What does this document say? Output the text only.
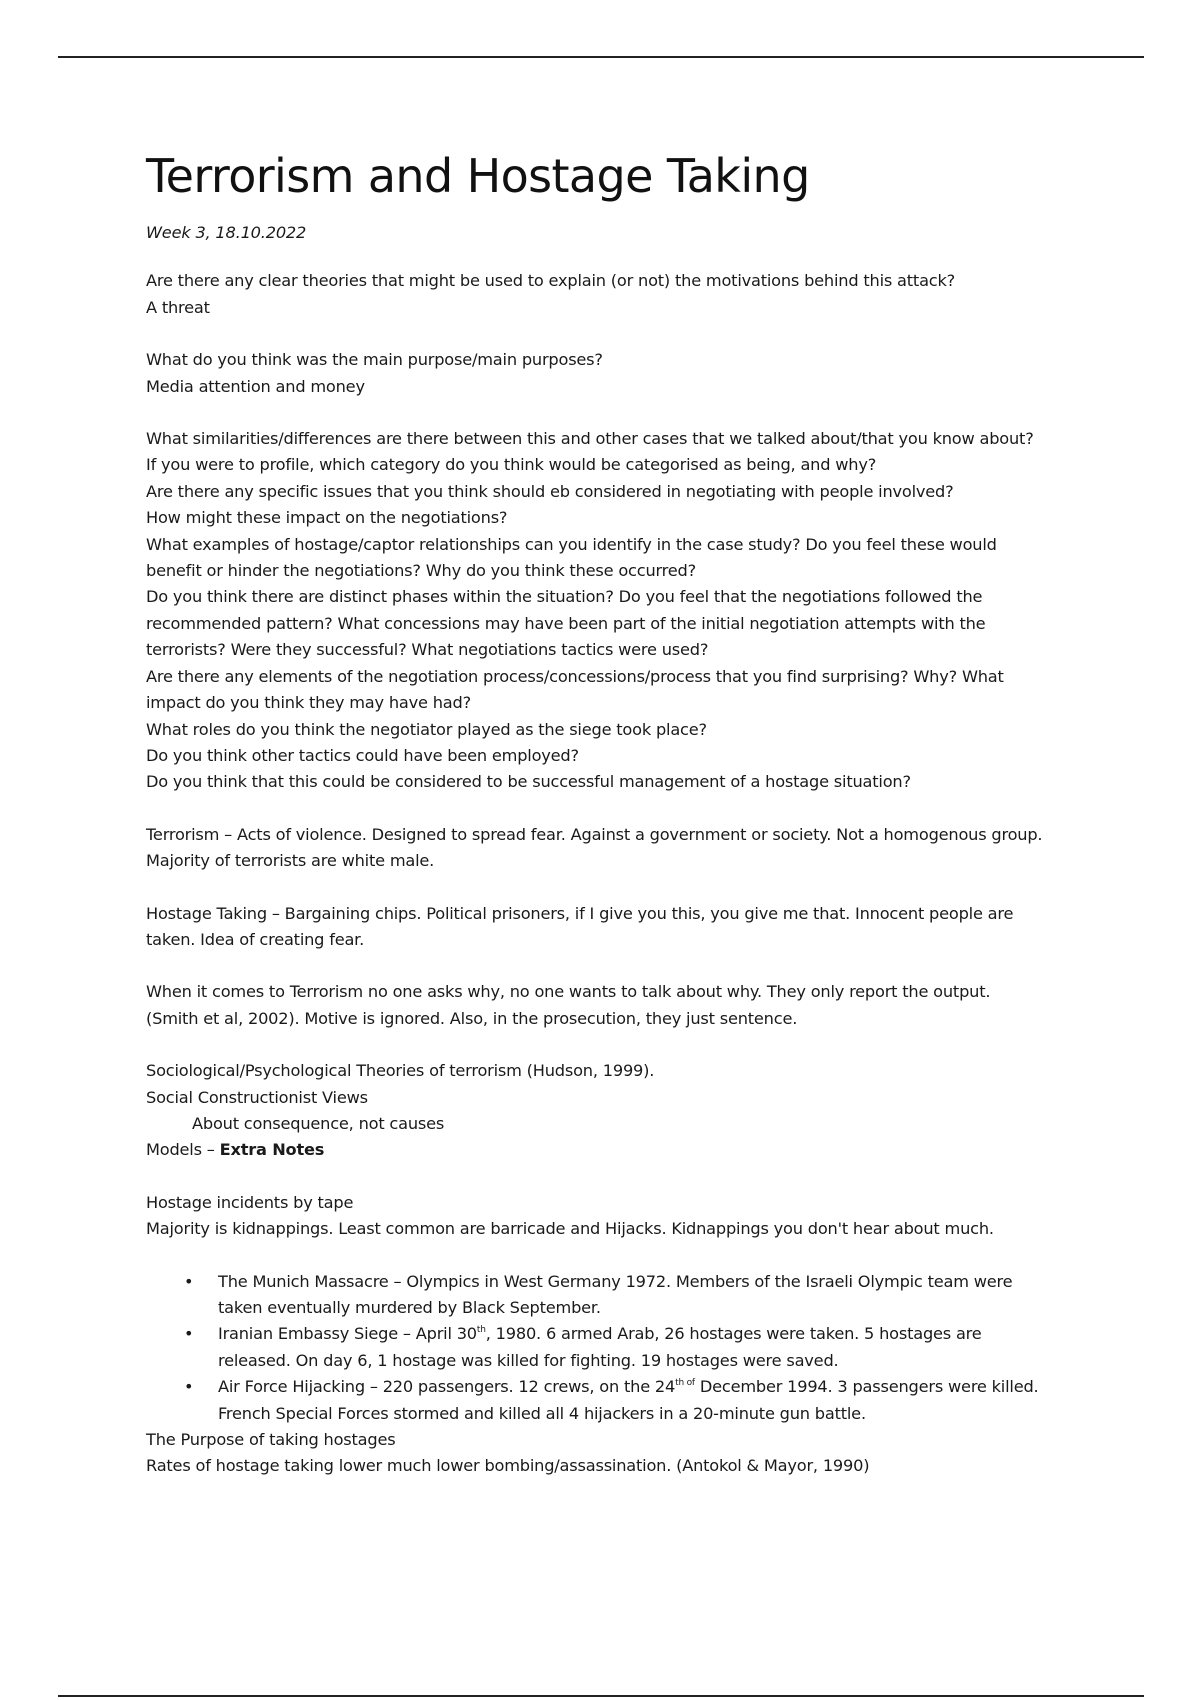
Terrorism and Hostage Taking

Week 3, 18.10.2022

Are there any clear theories that might be used to explain (or not) the motivations behind this attack?
A threat
What do you think was the main purpose/main purposes?
Media attention and money
What similarities/differences are there between this and other cases that we talked about/that you know about?
If you were to profile, which category do you think would be categorised as being, and why?
Are there any specific issues that you think should eb considered in negotiating with people involved?
How might these impact on the negotiations?
What examples of hostage/captor relationships can you identify in the case study? Do you feel these would benefit or hinder the negotiations? Why do you think these occurred?
Do you think there are distinct phases within the situation? Do you feel that the negotiations followed the recommended pattern? What concessions may have been part of the initial negotiation attempts with the terrorists? Were they successful? What negotiations tactics were used?
Are there any elements of the negotiation process/concessions/process that you find surprising? Why? What impact do you think they may have had?
What roles do you think the negotiator played as the siege took place?
Do you think other tactics could have been employed?
Do you think that this could be considered to be successful management of a hostage situation?

Terrorism – Acts of violence. Designed to spread fear. Against a government or society. Not a homogenous group. Majority of terrorists are white male.

Hostage Taking – Bargaining chips. Political prisoners, if I give you this, you give me that. Innocent people are taken. Idea of creating fear.

When it comes to Terrorism no one asks why, no one wants to talk about why. They only report the output. (Smith et al, 2002). Motive is ignored. Also, in the prosecution, they just sentence.

Sociological/Psychological Theories of terrorism (Hudson, 1999).
Social Constructionist Views
About consequence, not causes
Models – Extra Notes
Hostage incidents by tape
Majority is kidnappings. Least common are barricade and Hijacks. Kidnappings you don't hear about much.
• The Munich Massacre – Olympics in West Germany 1972. Members of the Israeli Olympic team were taken eventually murdered by Black September.
• Iranian Embassy Siege – April 30th, 1980. 6 armed Arab, 26 hostages were taken. 5 hostages are released. On day 6, 1 hostage was killed for fighting. 19 hostages were saved.
• Air Force Hijacking – 220 passengers. 12 crews, on the $24^{th of}$ December 1994. 3 passengers were killed. French Special Forces stormed and killed all 4 hijackers in a 20-minute gun battle.
The Purpose of taking hostages
Rates of hostage taking lower much lower bombing/assassination. (Antokol & Mayor, 1990)
